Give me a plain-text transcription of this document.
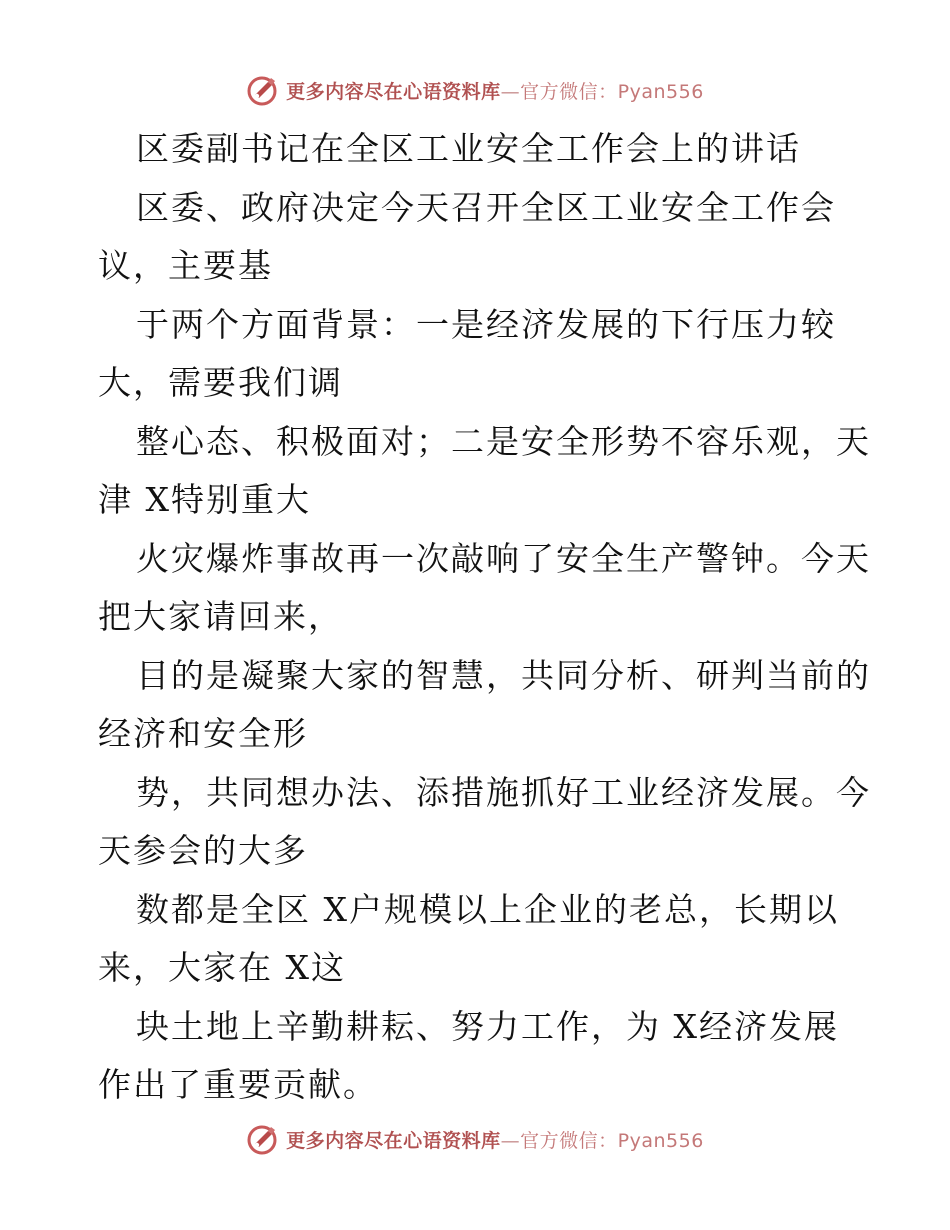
更多内容尽在心语资料库—官方微信：Pyan556
区委副书记在全区工业安全工作会上的讲话
区委、政府决定今天召开全区工业安全工作会
议，主要基
于两个方面背景：一是经济发展的下行压力较
大，需要我们调
整心态、积极面对；二是安全形势不容乐观，天
津 X特别重大
火灾爆炸事故再一次敲响了安全生产警钟。今天
把大家请回来，
目的是凝聚大家的智慧，共同分析、研判当前的
经济和安全形
势，共同想办法、添措施抓好工业经济发展。今
天参会的大多
数都是全区 X户规模以上企业的老总，长期以
来，大家在 X这
块土地上辛勤耕耘、努力工作，为 X经济发展
作出了重要贡献。
更多内容尽在心语资料库—官方微信：Pyan556
